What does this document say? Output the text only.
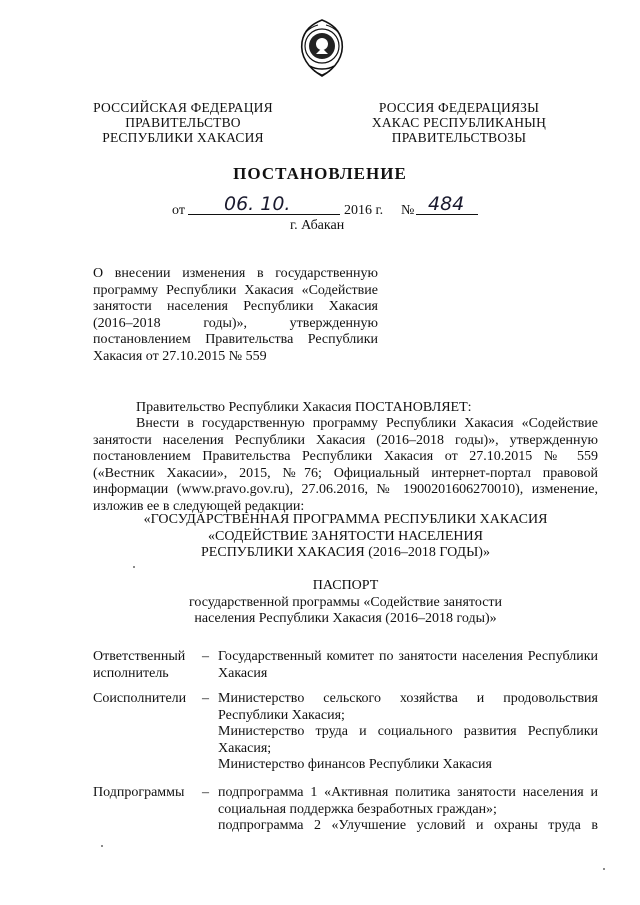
РОССИЙСКАЯ ФЕДЕРАЦИЯ
ПРАВИТЕЛЬСТВО
РЕСПУБЛИКИ ХАКАСИЯ
РОССИЯ ФЕДЕРАЦИЯЗЫ
ХАКАС РЕСПУБЛИКАНЫҢ
ПРАВИТЕЛЬСТВОЗЫ
ПОСТАНОВЛЕНИЕ
от 06. 10.	2016 г. № 484
г. Абакан
О внесении изменения в государственную
программу Республики Хакасия «Содействие
занятости населения Республики Хакасия
(2016–2018 годы)», утвержденную
постановлением Правительства Республики
Хакасия от 27.10.2015 № 559
Правительство Республики Хакасия ПОСТАНОВЛЯЕТ:
Внести в государственную программу Республики Хакасия «Содействие
занятости населения Республики Хакасия (2016–2018 годы)», утвержденную
постановлением Правительства Республики Хакасия от 27.10.2015 № 559
(«Вестник Хакасии», 2015, №76; Официальный интернет-портал правовой
информации (www.pravo.gov.ru), 27.06.2016, № 1900201606270010), изменение,
изложив ее в следующей редакции:
«ГОСУДАРСТВЕННАЯ ПРОГРАММА РЕСПУБЛИКИ ХАКАСИЯ
«СОДЕЙСТВИЕ ЗАНЯТОСТИ НАСЕЛЕНИЯ
РЕСПУБЛИКИ ХАКАСИЯ (2016–2018 ГОДЫ)»
ПАСПОРТ
государственной программы «Содействие занятости
населения Республики Хакасия (2016–2018 годы)»
Ответственный
исполнитель
– Государственный комитет по занятости населения Республики
Хакасия
Соисполнители	– Министерство сельского хозяйства и продовольствия
Республики Хакасия;
Министерство труда и социального развития Республики
Хакасия;
Министерство финансов Республики Хакасия
Подпрограммы	– подпрограмма 1 «Активная политика занятости населения и
социальная поддержка безработных граждан»;
подпрограмма 2 «Улучшение условий и охраны труда в
